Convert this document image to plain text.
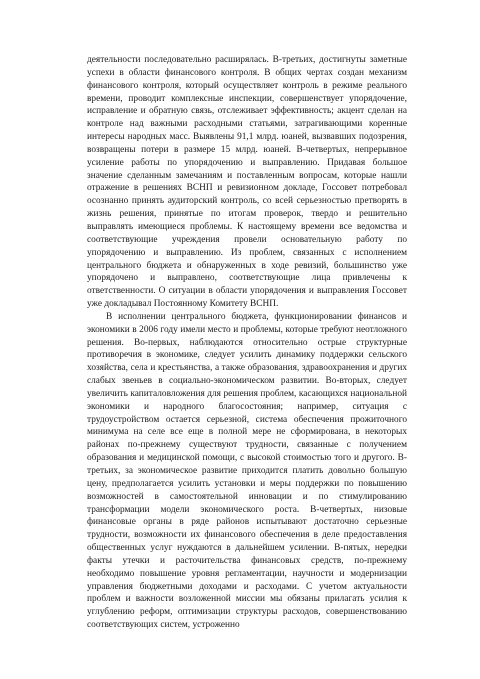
деятельности последовательно расширялась. В-третьих, достигнуты заметные успехи в области финансового контроля. В общих чертах создан механизм финансового контроля, который осуществляет контроль в режиме реального времени, проводит комплексные инспекции, совершенствует упорядочение, исправление и обратную связь, отслеживает эффективность; акцент сделан на контроле над важными расходными статьями, затрагивающими коренные интересы народных масс. Выявлены 91,1 млрд. юаней, вызвавших подозрения, возвращены потери в размере 15 млрд. юаней. В-четвертых, непрерывное усиление работы по упорядочению и выправлению. Придавая большое значение сделанным замечаниям и поставленным вопросам, которые нашли отражение в решениях ВСНП и ревизионном докладе, Госсовет потребовал осознанно принять аудиторский контроль, со всей серьезностью претворять в жизнь решения, принятые по итогам проверок, твердо и решительно выправлять имеющиеся проблемы. К настоящему времени все ведомства и соответствующие учреждения провели основательную работу по упорядочению и выправлению. Из проблем, связанных с исполнением центрального бюджета и обнаруженных в ходе ревизий, большинство уже упорядочено и выправлено, соответствующие лица привлечены к ответственности. О ситуации в области упорядочения и выправления Госсовет уже докладывал Постоянному Комитету ВСНП.

В исполнении центрального бюджета, функционировании финансов и экономики в 2006 году имели место и проблемы, которые требуют неотложного решения. Во-первых, наблюдаются относительно острые структурные противоречия в экономике, следует усилить динамику поддержки сельского хозяйства, села и крестьянства, а также образования, здравоохранения и других слабых звеньев в социально-экономическом развитии. Во-вторых, следует увеличить капиталовложения для решения проблем, касающихся национальной экономики и народного благосостояния; например, ситуация с трудоустройством остается серьезной, система обеспечения прожиточного минимума на селе все еще в полной мере не сформирована, в некоторых районах по-прежнему существуют трудности, связанные с получением образования и медицинской помощи, с высокой стоимостью того и другого. В-третьих, за экономическое развитие приходится платить довольно большую цену, предполагается усилить установки и меры поддержки по повышению возможностей в самостоятельной инновации и по стимулированию трансформации модели экономического роста. В-четвертых, низовые финансовые органы в ряде районов испытывают достаточно серьезные трудности, возможности их финансового обеспечения в деле предоставления общественных услуг нуждаются в дальнейшем усилении. В-пятых, нередки факты утечки и расточительства финансовых средств, по-прежнему необходимо повышение уровня регламентации, научности и модернизации управления бюджетными доходами и расходами. С учетом актуальности проблем и важности возложенной миссии мы обязаны прилагать усилия к углублению реформ, оптимизации структуры расходов, совершенствованию соответствующих систем, устроженно
